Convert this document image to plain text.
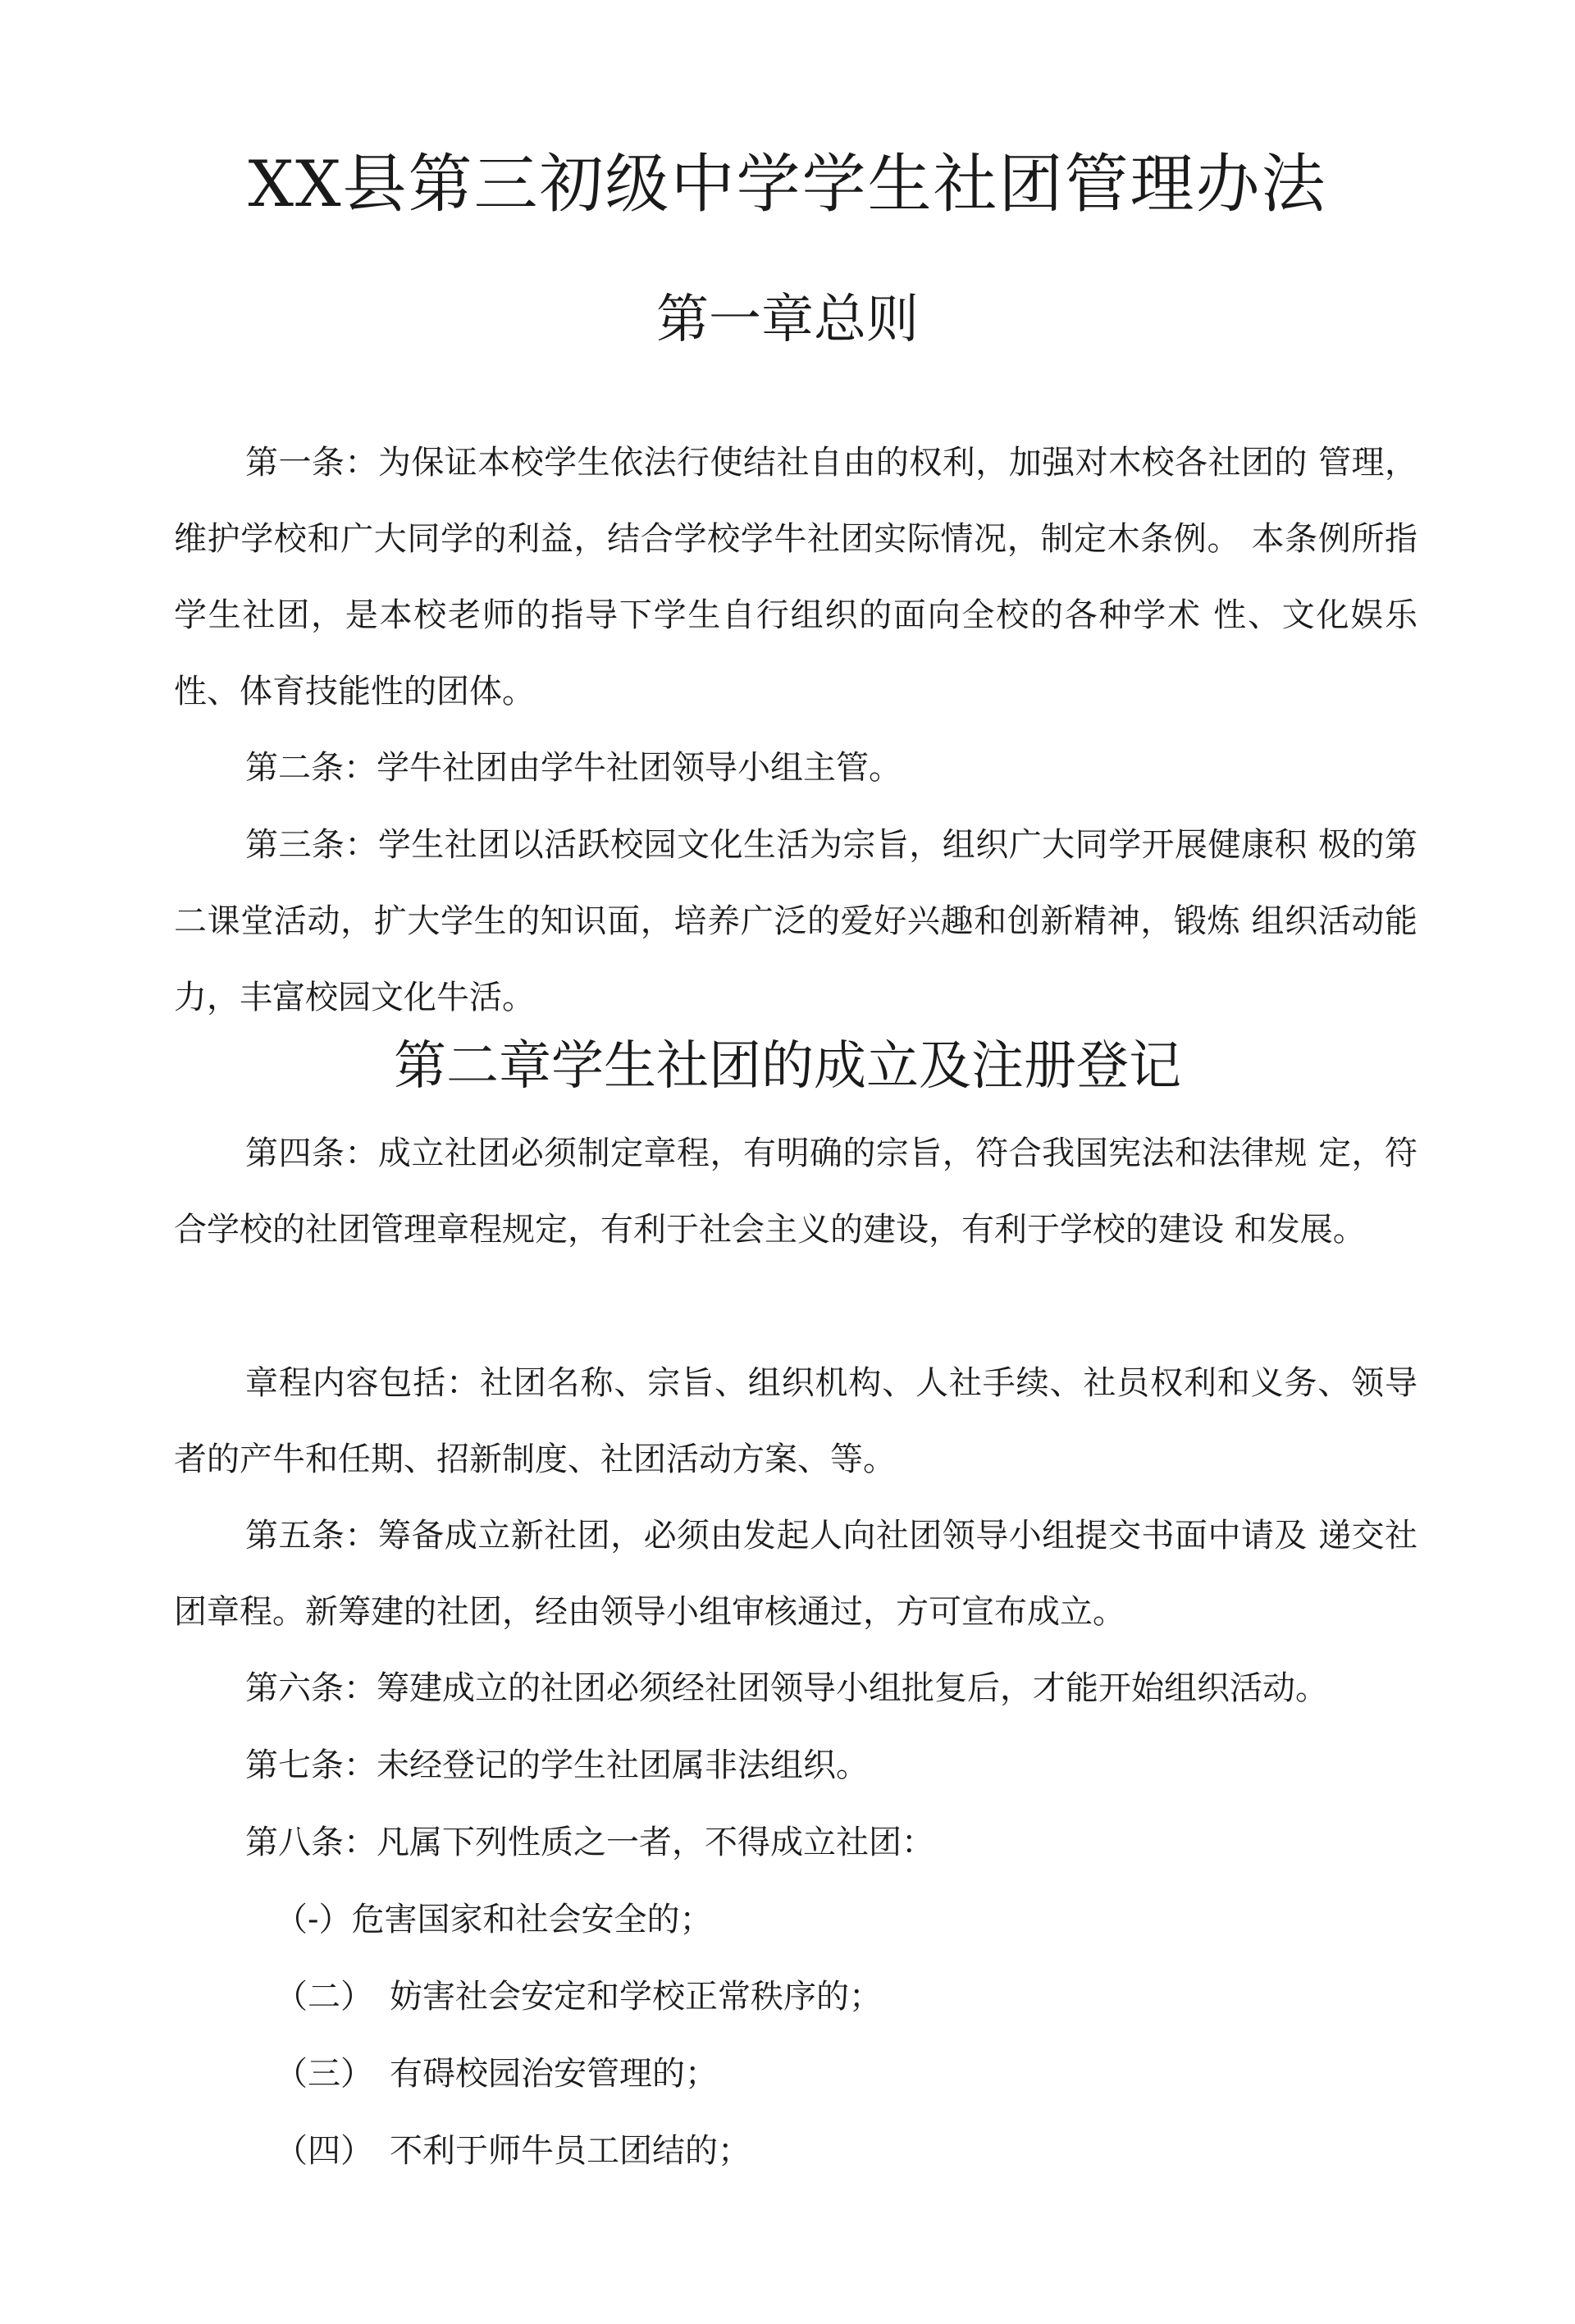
XX县第三初级中学学生社团管理办法
第一章总则

第一条：为保证本校学生依法行使结社自由的权利，加强对木校各社团的 管理，维护学校和广大同学的利益，结合学校学牛社团实际情况，制定木条例。 本条例所指学生社团，是本校老师的指导下学生自行组织的面向全校的各种学术 性、文化娱乐性、体育技能性的团体。

第二条：学牛社团由学牛社团领导小组主管。

第三条：学生社团以活跃校园文化生活为宗旨，组织广大同学开展健康积 极的第二课堂活动，扩大学生的知识面，培养广泛的爱好兴趣和创新精神，锻炼 组织活动能力，丰富校园文化牛活。

第二章学生社团的成立及注册登记

第四条：成立社团必须制定章程，有明确的宗旨，符合我国宪法和法律规 定，符合学校的社团管理章程规定，有利于社会主义的建设，有利于学校的建设 和发展。

章程内容包括：社团名称、宗旨、组织机构、人社手续、社员权利和义务、领导者的产牛和任期、招新制度、社团活动方案、等。

第五条：筹备成立新社团，必须由发起人向社团领导小组提交书面中请及 递交社团章程。新筹建的社团，经由领导小组审核通过，方可宣布成立。

第六条：筹建成立的社团必须经社团领导小组批复后，才能开始组织活动。

第七条：未经登记的学生社团属非法组织。

第八条：凡属下列性质之一者，不得成立社团：

（-）危害国家和社会安全的；

（二）　妨害社会安定和学校正常秩序的；

（三）　有碍校园治安管理的；

（四）　不利于师牛员工团结的；
